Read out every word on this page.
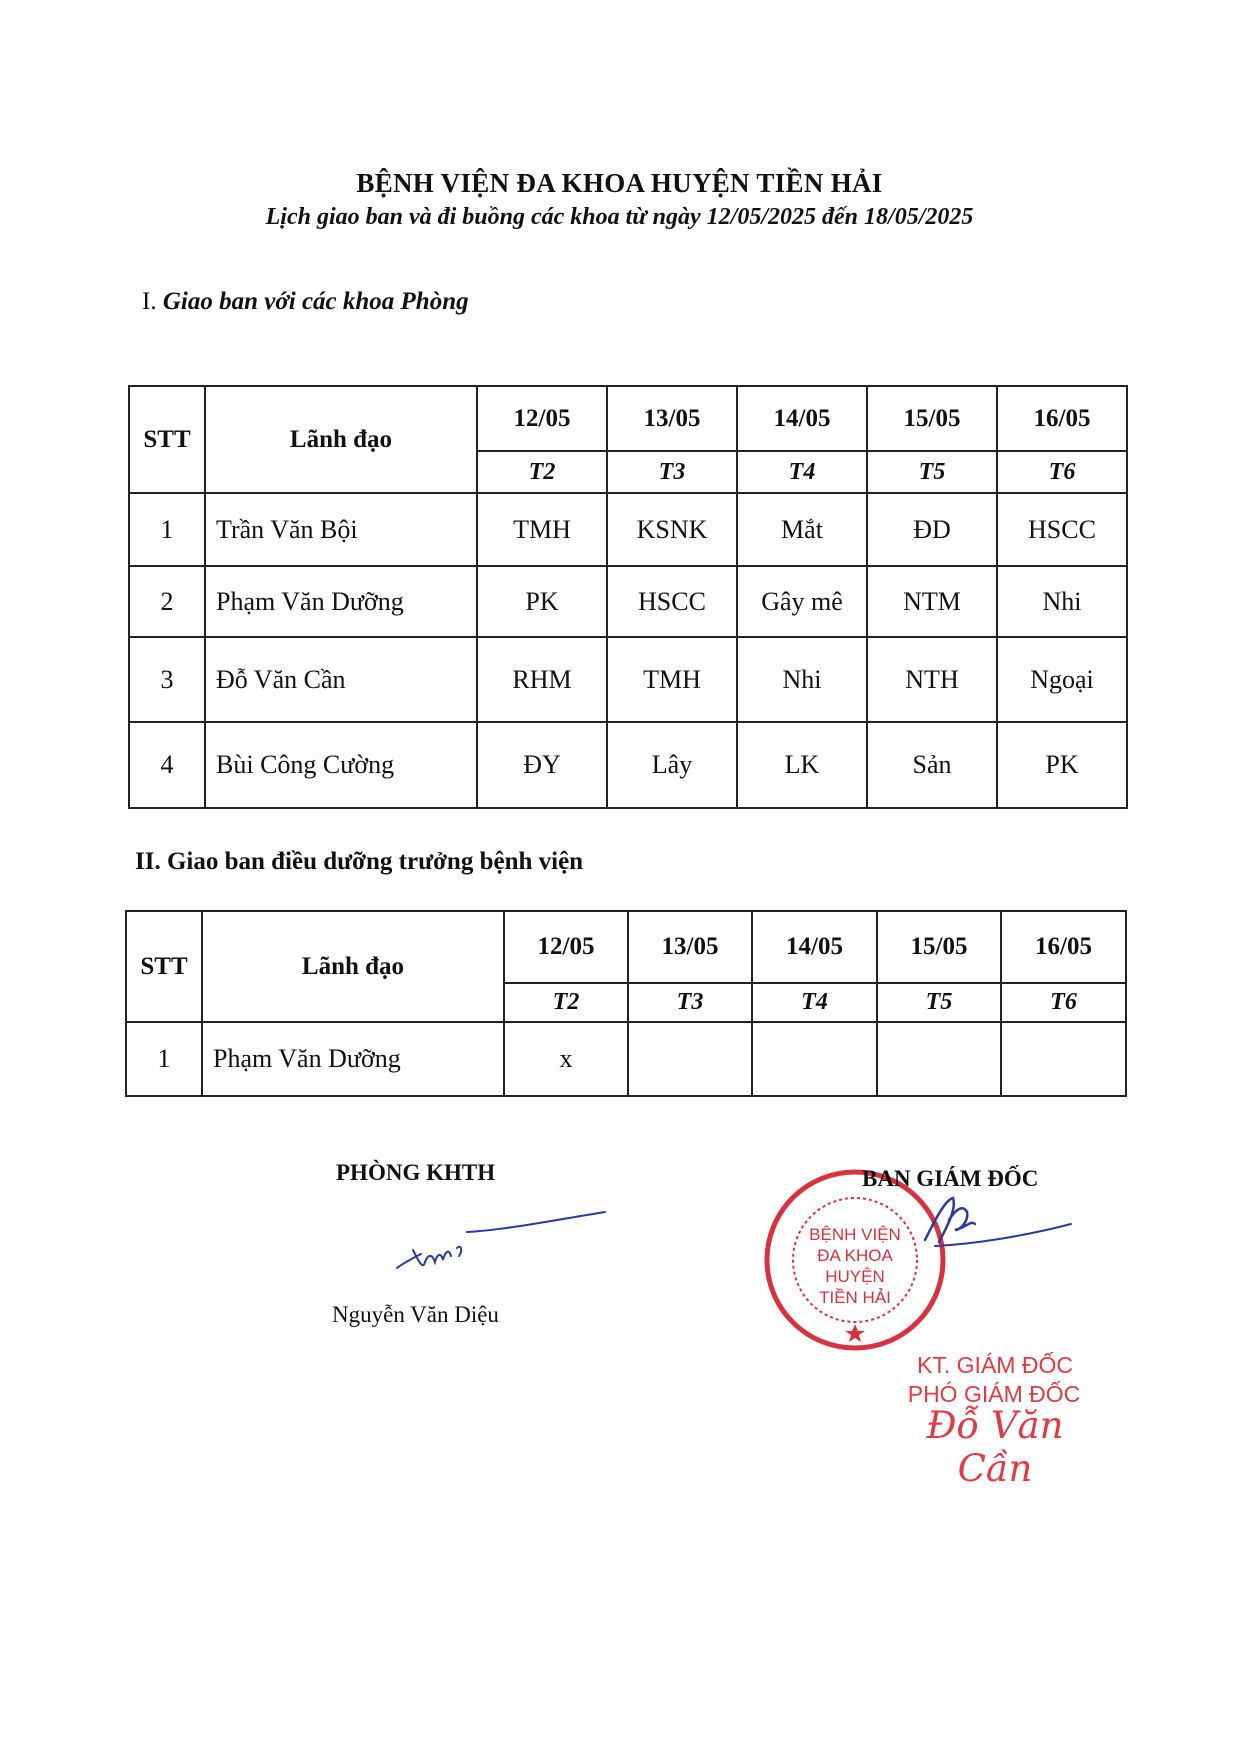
BỆNH VIỆN ĐA KHOA HUYỆN TIỀN HẢI
Lịch giao ban và đi buồng các khoa từ ngày 12/05/2025 đến 18/05/2025
I. Giao ban với các khoa Phòng
STT	Lãnh đạo	12/05	13/05	14/05	15/05	16/05
		T2	T3	T4	T5	T6
1	Trần Văn Bội	TMH	KSNK	Mắt	ĐD	HSCC
2	Phạm Văn Dưỡng	PK	HSCC	Gây mê	NTM	Nhi
3	Đỗ Văn Cần	RHM	TMH	Nhi	NTH	Ngoại
4	Bùi Công Cường	ĐY	Lây	LK	Sản	PK
II. Giao ban điều dưỡng trưởng bệnh viện
STT	Lãnh đạo	12/05	13/05	14/05	15/05	16/05
		T2	T3	T4	T5	T6
1	Phạm Văn Dưỡng	x				
PHÒNG KHTH
Nguyễn Văn Diệu
BỆNH VIỆN
ĐA KHOA
HUYỆN
TIỀN HẢI
BAN GIÁM ĐỐC
KT. GIÁM ĐỐC
PHÓ GIÁM ĐỐC
Đỗ Văn Cần
